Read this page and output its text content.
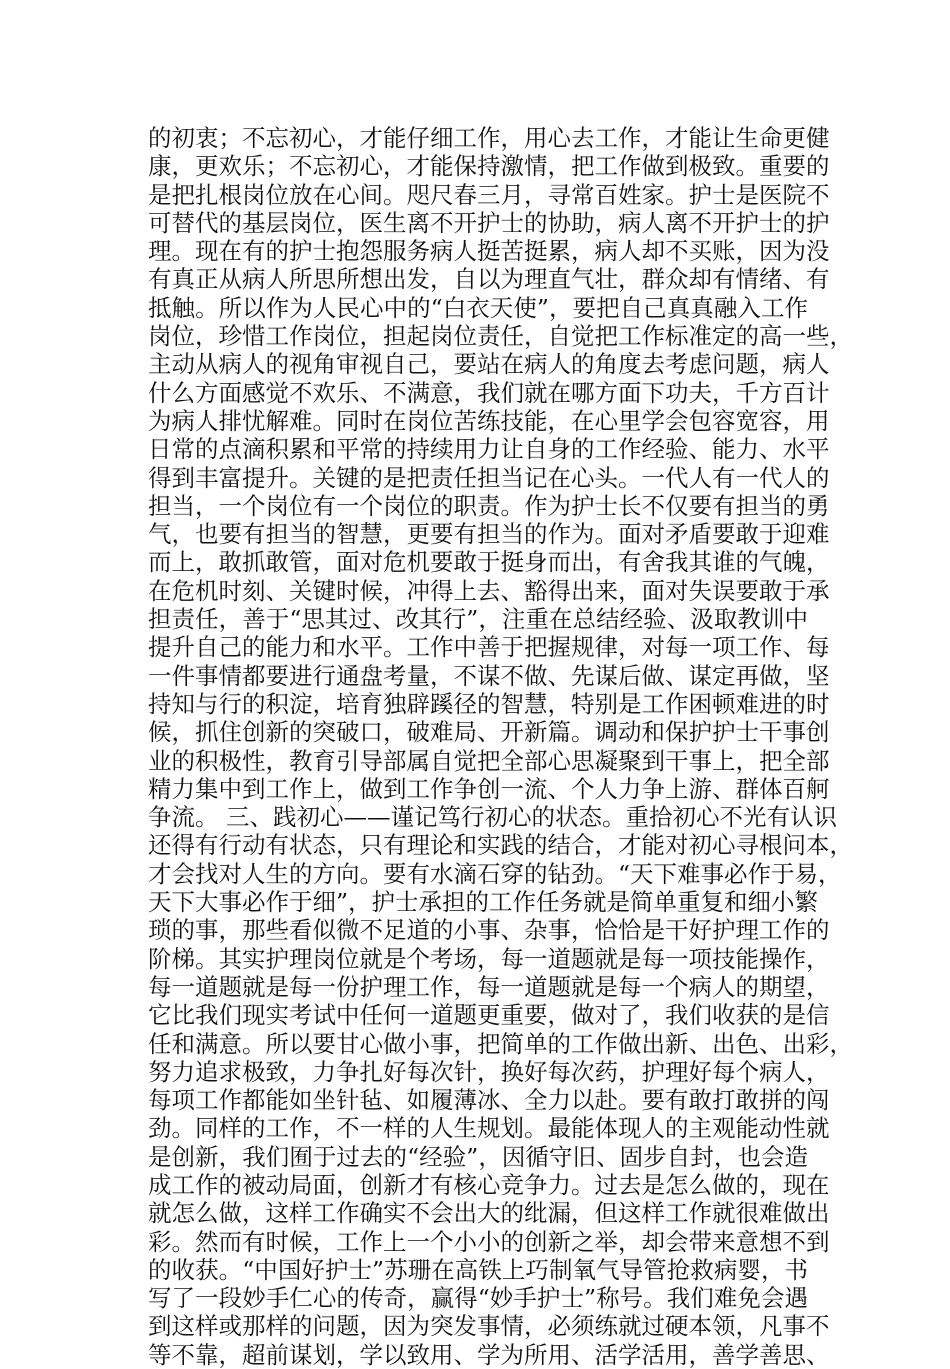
的初衷；不忘初心，才能仔细工作，用心去工作，才能让生命更健
康，更欢乐；不忘初心，才能保持激情，把工作做到极致。重要的
是把扎根岗位放在心间。咫尺春三月，寻常百姓家。护士是医院不
可替代的基层岗位，医生离不开护士的协助，病人离不开护士的护
理。现在有的护士抱怨服务病人挺苦挺累，病人却不买账，因为没
有真正从病人所思所想出发，自以为理直气壮，群众却有情绪、有
抵触。所以作为人民心中的“白衣天使”，要把自己真真融入工作
岗位，珍惜工作岗位，担起岗位责任，自觉把工作标准定的高一些，
主动从病人的视角审视自己，要站在病人的角度去考虑问题，病人
什么方面感觉不欢乐、不满意，我们就在哪方面下功夫，千方百计
为病人排忧解难。同时在岗位苦练技能，在心里学会包容宽容，用
日常的点滴积累和平常的持续用力让自身的工作经验、能力、水平
得到丰富提升。关键的是把责任担当记在心头。一代人有一代人的
担当，一个岗位有一个岗位的职责。作为护士长不仅要有担当的勇
气，也要有担当的智慧，更要有担当的作为。面对矛盾要敢于迎难
而上，敢抓敢管，面对危机要敢于挺身而出，有舍我其谁的气魄，
在危机时刻、关键时候，冲得上去、豁得出来，面对失误要敢于承
担责任，善于“思其过、改其行”，注重在总结经验、汲取教训中
提升自己的能力和水平。工作中善于把握规律，对每一项工作、每
一件事情都要进行通盘考量，不谋不做、先谋后做、谋定再做，坚
持知与行的积淀，培育独辟蹊径的智慧，特别是工作困顿难进的时
候，抓住创新的突破口，破难局、开新篇。调动和保护护士干事创
业的积极性，教育引导部属自觉把全部心思凝聚到干事上，把全部
精力集中到工作上，做到工作争创一流、个人力争上游、群体百舸
争流。 三、践初心——谨记笃行初心的状态。重拾初心不光有认识
还得有行动有状态，只有理论和实践的结合，才能对初心寻根问本，
才会找对人生的方向。要有水滴石穿的钻劲。“天下难事必作于易，
天下大事必作于细”，护士承担的工作任务就是简单重复和细小繁
琐的事，那些看似微不足道的小事、杂事，恰恰是干好护理工作的
阶梯。其实护理岗位就是个考场，每一道题就是每一项技能操作，
每一道题就是每一份护理工作，每一道题就是每一个病人的期望，
它比我们现实考试中任何一道题更重要，做对了，我们收获的是信
任和满意。所以要甘心做小事，把简单的工作做出新、出色、出彩，
努力追求极致，力争扎好每次针，换好每次药，护理好每个病人，
每项工作都能如坐针毡、如履薄冰、全力以赴。要有敢打敢拼的闯
劲。同样的工作，不一样的人生规划。最能体现人的主观能动性就
是创新，我们囿于过去的“经验”，因循守旧、固步自封，也会造
成工作的被动局面，创新才有核心竞争力。过去是怎么做的，现在
就怎么做，这样工作确实不会出大的纰漏，但这样工作就很难做出
彩。然而有时候，工作上一个小小的创新之举，却会带来意想不到
的收获。“中国好护士”苏珊在高铁上巧制氧气导管抢救病婴，书
写了一段妙手仁心的传奇，赢得“妙手护士”称号。我们难免会遇
到这样或那样的问题，因为突发事情，必须练就过硬本领，凡事不
等不靠，超前谋划，学以致用、学为所用、活学活用，善学善思、
